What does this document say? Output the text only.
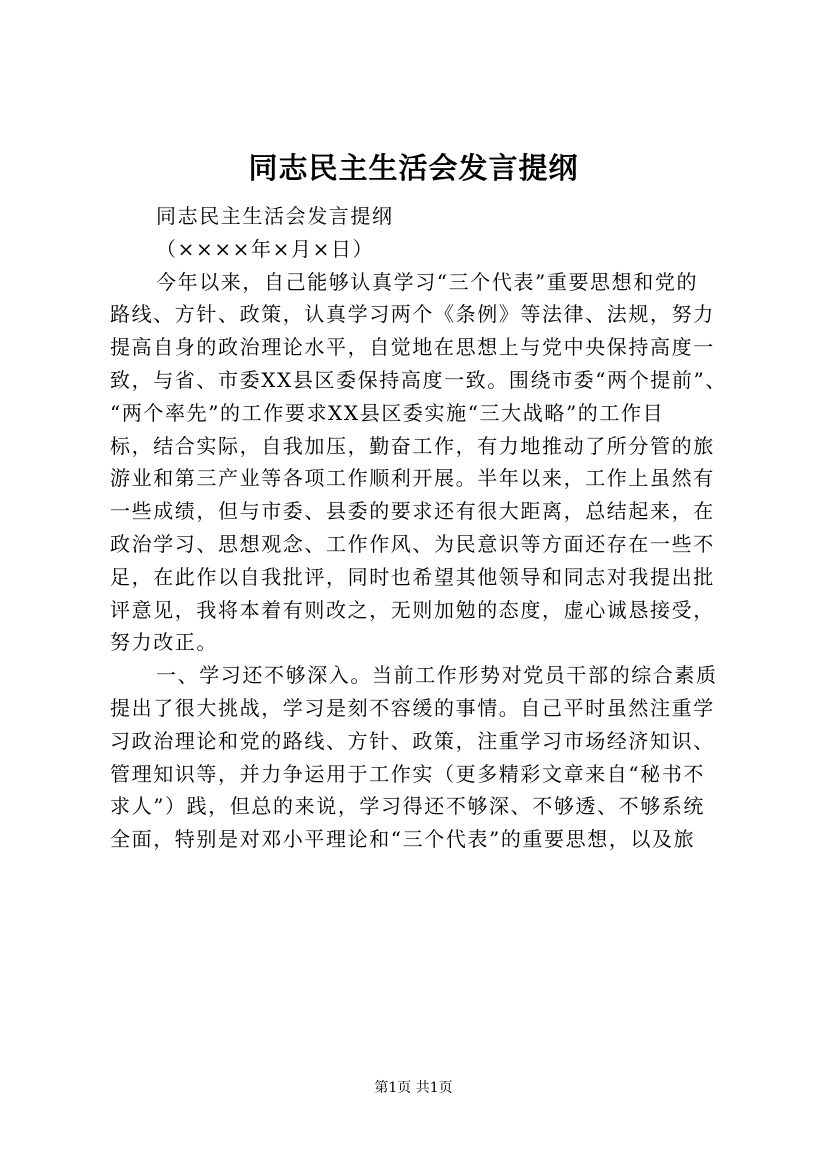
同志民主生活会发言提纲
同志民主生活会发言提纲
（××××年×月×日）
今年以来，自己能够认真学习“三个代表”重要思想和党的
路线、方针、政策，认真学习两个《条例》等法律、法规，努力
提高自身的政治理论水平，自觉地在思想上与党中央保持高度一
致，与省、市委XX县区委保持高度一致。围绕市委“两个提前”、
“两个率先”的工作要求XX县区委实施“三大战略”的工作目
标，结合实际，自我加压，勤奋工作，有力地推动了所分管的旅
游业和第三产业等各项工作顺利开展。半年以来，工作上虽然有
一些成绩，但与市委、县委的要求还有很大距离，总结起来，在
政治学习、思想观念、工作作风、为民意识等方面还存在一些不
足，在此作以自我批评，同时也希望其他领导和同志对我提出批
评意见，我将本着有则改之，无则加勉的态度，虚心诚恳接受，
努力改正。
一、学习还不够深入。当前工作形势对党员干部的综合素质
提出了很大挑战，学习是刻不容缓的事情。自己平时虽然注重学
习政治理论和党的路线、方针、政策，注重学习市场经济知识、
管理知识等，并力争运用于工作实（更多精彩文章来自“秘书不
求人”）践，但总的来说，学习得还不够深、不够透、不够系统
全面，特别是对邓小平理论和“三个代表”的重要思想，以及旅
第1页 共1页
